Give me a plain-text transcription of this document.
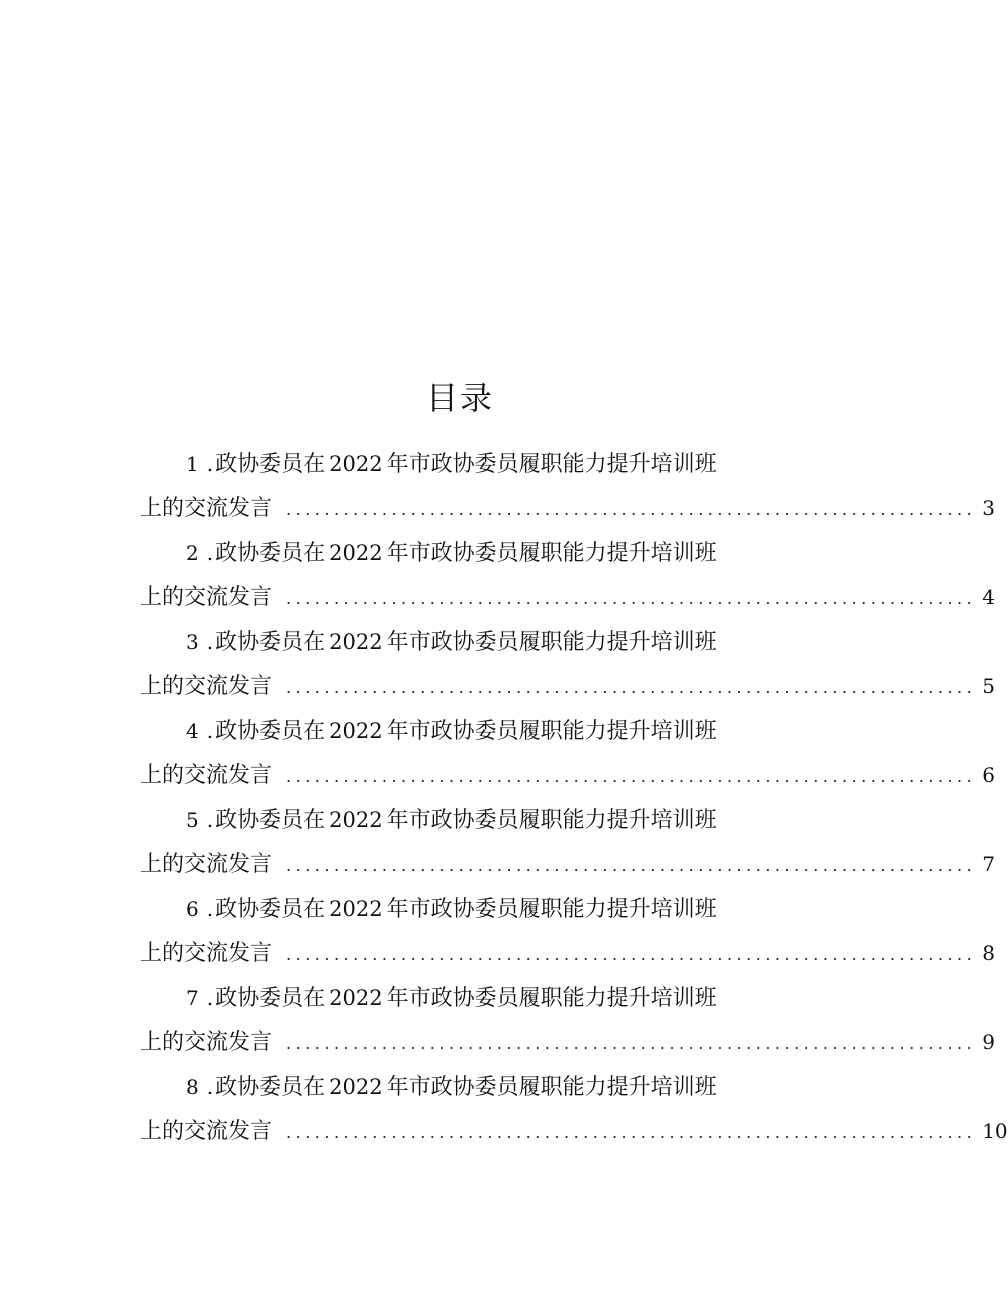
目录
1 .政协委员在 2022 年市政协委员履职能力提升培训班
上的交流发言 ........................................................................ 3
2 .政协委员在 2022 年市政协委员履职能力提升培训班
上的交流发言 ........................................................................ 4
3 .政协委员在 2022 年市政协委员履职能力提升培训班
上的交流发言 ........................................................................ 5
4 .政协委员在 2022 年市政协委员履职能力提升培训班
上的交流发言 ........................................................................ 6
5 .政协委员在 2022 年市政协委员履职能力提升培训班
上的交流发言 ........................................................................ 7
6 .政协委员在 2022 年市政协委员履职能力提升培训班
上的交流发言 ........................................................................ 8
7 .政协委员在 2022 年市政协委员履职能力提升培训班
上的交流发言 ........................................................................ 9
8 .政协委员在 2022 年市政协委员履职能力提升培训班
上的交流发言 ........................................................................ 10
